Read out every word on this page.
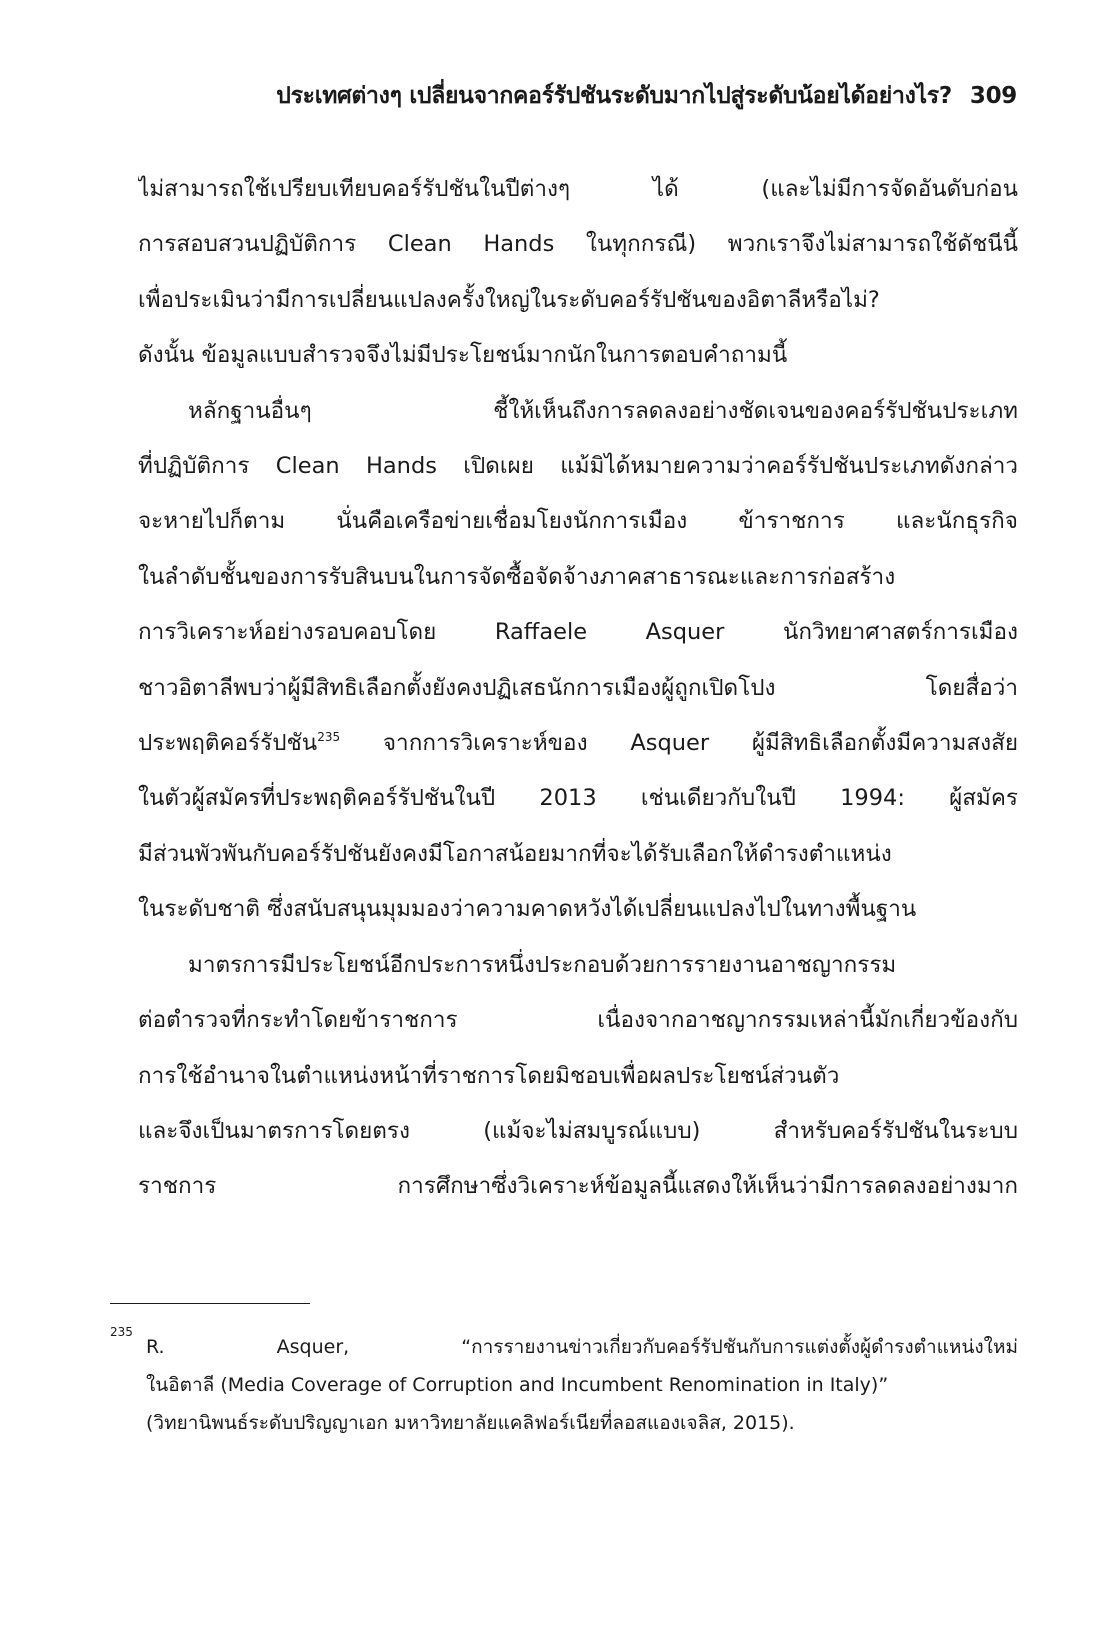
ประเทศต่างๆ เปลี่ยนจากคอร์รัปชันระดับมากไปสู่ระดับน้อยได้อย่างไร? 309
ไม่สามารถใช้เปรียบเทียบคอร์รัปชันในปีต่างๆ ได้ (และไม่มีการจัดอันดับก่อน
การสอบสวนปฏิบัติการ Clean Hands ในทุกกรณี) พวกเราจึงไม่สามารถใช้ดัชนีนี้
เพื่อประเมินว่ามีการเปลี่ยนแปลงครั้งใหญ่ในระดับคอร์รัปชันของอิตาลีหรือไม่?
ดังนั้น ข้อมูลแบบสำรวจจึงไม่มีประโยชน์มากนักในการตอบคำถามนี้
หลักฐานอื่นๆ ชี้ให้เห็นถึงการลดลงอย่างชัดเจนของคอร์รัปชันประเภท
ที่ปฏิบัติการ Clean Hands เปิดเผย แม้มิได้หมายความว่าคอร์รัปชันประเภทดังกล่าว
จะหายไปก็ตาม นั่นคือเครือข่ายเชื่อมโยงนักการเมือง ข้าราชการ และนักธุรกิจ
ในลำดับชั้นของการรับสินบนในการจัดซื้อจัดจ้างภาคสาธารณะและการก่อสร้าง
การวิเคราะห์อย่างรอบคอบโดย Raffaele Asquer นักวิทยาศาสตร์การเมือง
ชาวอิตาลีพบว่าผู้มีสิทธิเลือกตั้งยังคงปฏิเสธนักการเมืองผู้ถูกเปิดโปง โดยสื่อว่า
ประพฤติคอร์รัปชัน$^{235}$ จากการวิเคราะห์ของ Asquer ผู้มีสิทธิเลือกตั้งมีความสงสัย
ในตัวผู้สมัครที่ประพฤติคอร์รัปชันในปี 2013 เช่นเดียวกับในปี 1994: ผู้สมัคร
มีส่วนพัวพันกับคอร์รัปชันยังคงมีโอกาสน้อยมากที่จะได้รับเลือกให้ดำรงตำแหน่ง
ในระดับชาติ ซึ่งสนับสนุนมุมมองว่าความคาดหวังได้เปลี่ยนแปลงไปในทางพื้นฐาน
มาตรการมีประโยชน์อีกประการหนึ่งประกอบด้วยการรายงานอาชญากรรม
ต่อตำรวจที่กระทำโดยข้าราชการ เนื่องจากอาชญากรรมเหล่านี้มักเกี่ยวข้องกับ
การใช้อำนาจในตำแหน่งหน้าที่ราชการโดยมิชอบเพื่อผลประโยชน์ส่วนตัว
และจึงเป็นมาตรการโดยตรง (แม้จะไม่สมบูรณ์แบบ) สำหรับคอร์รัปชันในระบบ
ราชการ การศึกษาซึ่งวิเคราะห์ข้อมูลนี้แสดงให้เห็นว่ามีการลดลงอย่างมาก
235
R. Asquer, “การรายงานข่าวเกี่ยวกับคอร์รัปชันกับการแต่งตั้งผู้ดำรงตำแหน่งใหม่
ในอิตาลี (Media Coverage of Corruption and Incumbent Renomination in Italy)”
(วิทยานิพนธ์ระดับปริญญาเอก มหาวิทยาลัยแคลิฟอร์เนียที่ลอสแองเจลิส, 2015).
